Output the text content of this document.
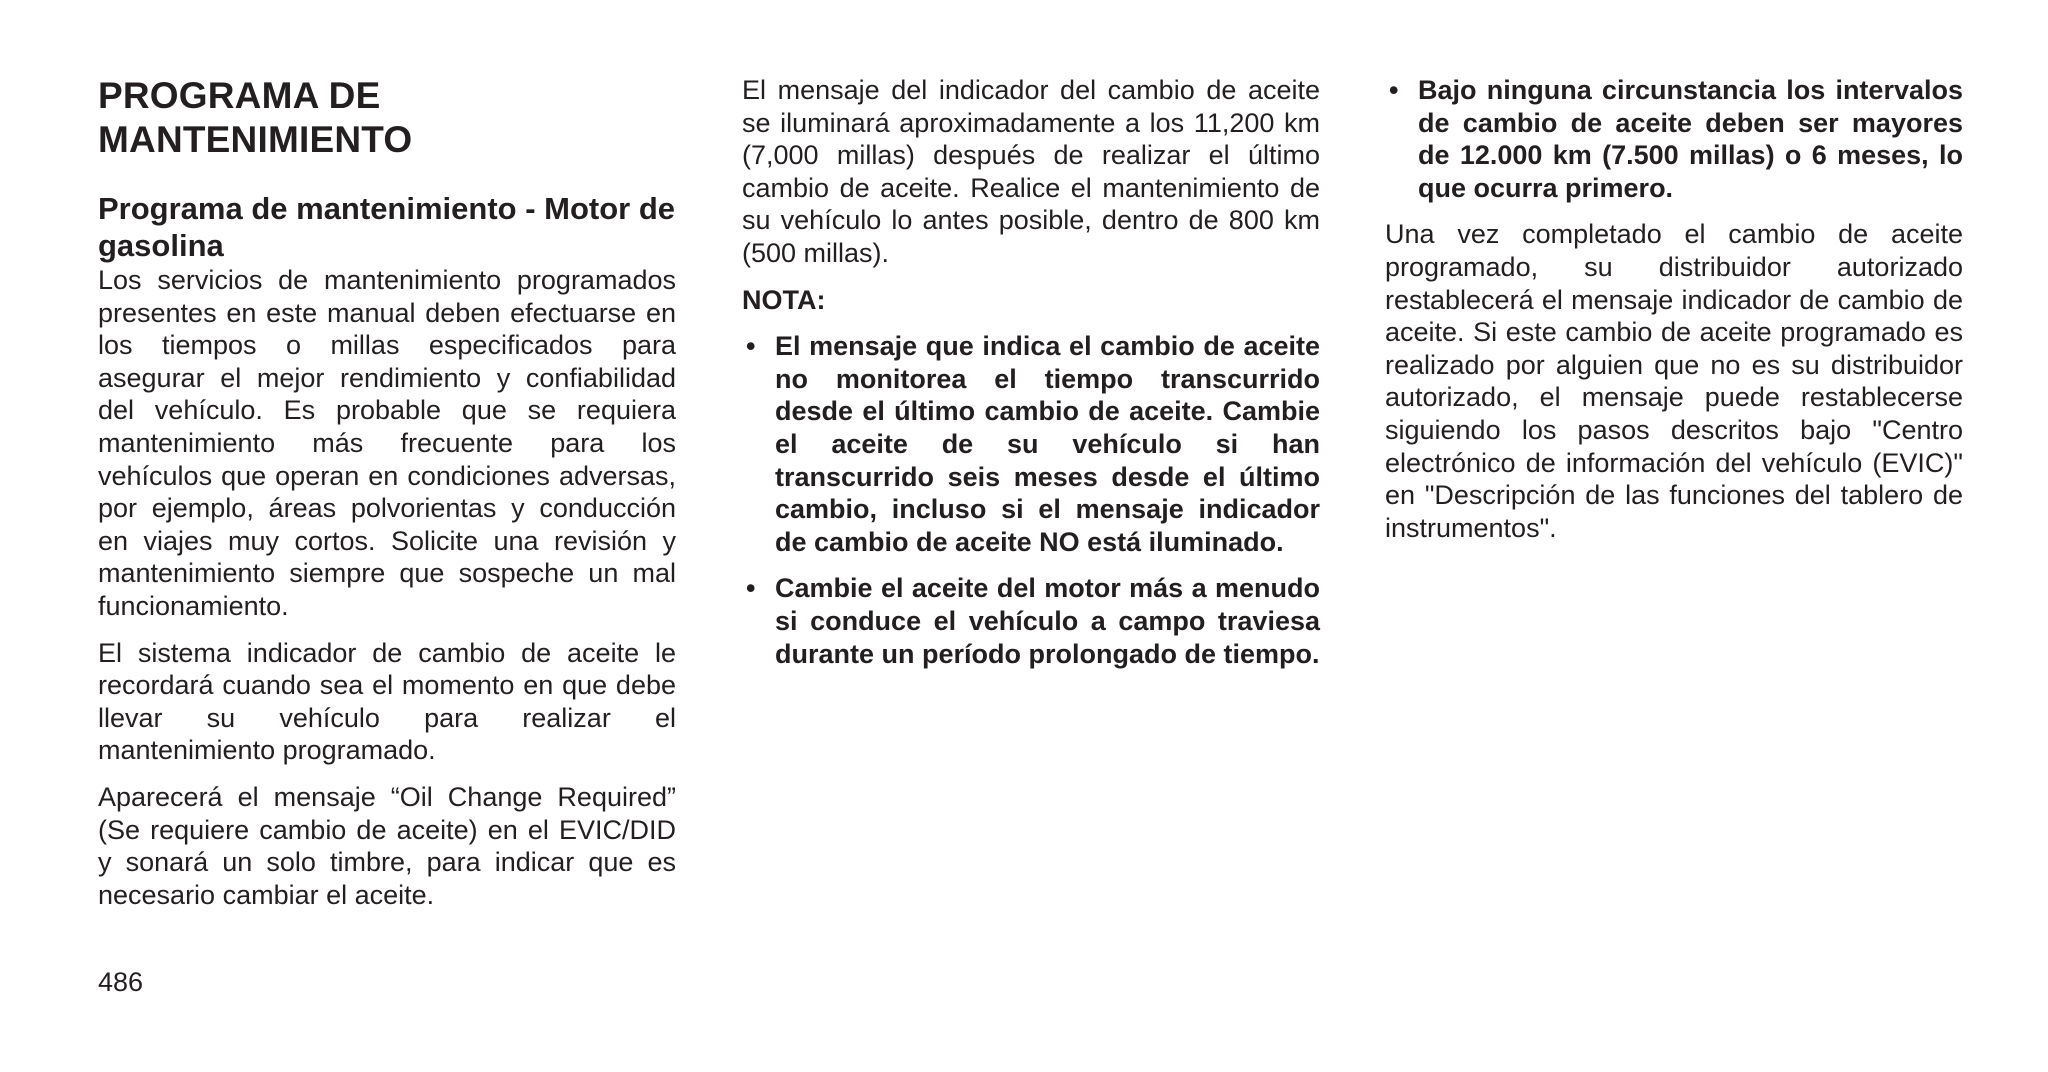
PROGRAMA DE MANTENIMIENTO
Programa de mantenimiento - Motor de gasolina

Los servicios de mantenimiento programados presentes en este manual deben efectuarse en los tiempos o millas especificados para asegurar el mejor rendimiento y confiabilidad del vehículo. Es probable que se requiera mantenimiento más frecuente para los vehículos que operan en condiciones adversas, por ejemplo, áreas polvorientas y conducción en viajes muy cortos. Solicite una revisión y mantenimiento siempre que sospeche un mal funcionamiento.

El sistema indicador de cambio de aceite le recordará cuando sea el momento en que debe llevar su vehículo para realizar el mantenimiento programado.

Aparecerá el mensaje “Oil Change Required” (Se requiere cambio de aceite) en el EVIC/DID y sonará un solo timbre, para indicar que es necesario cambiar el aceite.

El mensaje del indicador del cambio de aceite se iluminará aproximadamente a los 11,200 km (7,000 millas) después de realizar el último cambio de aceite. Realice el mantenimiento de su vehículo lo antes posible, dentro de 800 km (500 millas).

NOTA:

• El mensaje que indica el cambio de aceite no monitorea el tiempo transcurrido desde el último cambio de aceite. Cambie el aceite de su vehículo si han transcurrido seis meses desde el último cambio, incluso si el mensaje indicador de cambio de aceite NO está iluminado.
• Cambie el aceite del motor más a menudo si conduce el vehículo a campo traviesa durante un período prolongado de tiempo.
• Bajo ninguna circunstancia los intervalos de cambio de aceite deben ser mayores de 12.000 km (7.500 millas) o 6 meses, lo que ocurra primero.

Una vez completado el cambio de aceite programado, su distribuidor autorizado restablecerá el mensaje indicador de cambio de aceite. Si este cambio de aceite programado es realizado por alguien que no es su distribuidor autorizado, el mensaje puede restablecerse siguiendo los pasos descritos bajo "Centro electrónico de información del vehículo (EVIC)" en "Descripción de las funciones del tablero de instrumentos".

486
